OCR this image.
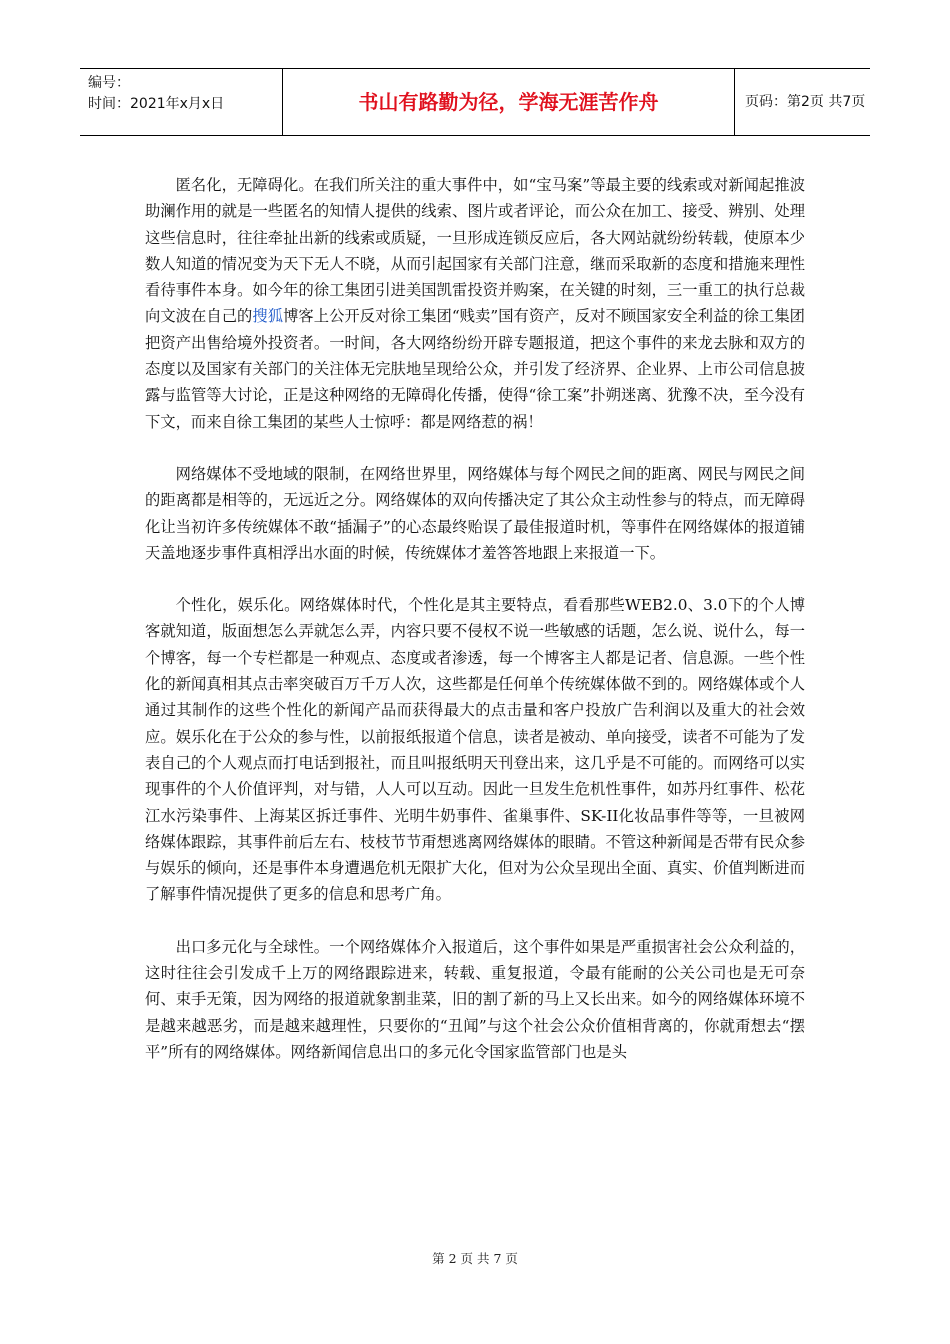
编号：
时间：2021年x月x日	书山有路勤为径，学海无涯苦作舟	页码：第2页 共7页

匿名化，无障碍化。在我们所关注的重大事件中，如“宝马案”等最主要的线索或对新闻起推波助澜作用的就是一些匿名的知情人提供的线索、图片或者评论，而公众在加工、接受、辨别、处理这些信息时，往往牵扯出新的线索或质疑，一旦形成连锁反应后，各大网站就纷纷转载，使原本少数人知道的情况变为天下无人不晓，从而引起国家有关部门注意，继而采取新的态度和措施来理性看待事件本身。如今年的徐工集团引进美国凯雷投资并购案，在关键的时刻，三一重工的执行总裁向文波在自己的搜狐博客上公开反对徐工集团“贱卖”国有资产，反对不顾国家安全利益的徐工集团把资产出售给境外投资者。一时间，各大网络纷纷开辟专题报道，把这个事件的来龙去脉和双方的态度以及国家有关部门的关注体无完肤地呈现给公众，并引发了经济界、企业界、上市公司信息披露与监管等大讨论，正是这种网络的无障碍化传播，使得“徐工案”扑朔迷离、犹豫不决，至今没有下文，而来自徐工集团的某些人士惊呼：都是网络惹的祸！

网络媒体不受地域的限制，在网络世界里，网络媒体与每个网民之间的距离、网民与网民之间的距离都是相等的，无远近之分。网络媒体的双向传播决定了其公众主动性参与的特点，而无障碍化让当初许多传统媒体不敢“插漏子”的心态最终贻误了最佳报道时机，等事件在网络媒体的报道铺天盖地逐步事件真相浮出水面的时候，传统媒体才羞答答地跟上来报道一下。

个性化，娱乐化。网络媒体时代，个性化是其主要特点，看看那些WEB2.0、3.0下的个人博客就知道，版面想怎么弄就怎么弄，内容只要不侵权不说一些敏感的话题，怎么说、说什么，每一个博客，每一个专栏都是一种观点、态度或者渗透，每一个博客主人都是记者、信息源。一些个性化的新闻真相其点击率突破百万千万人次，这些都是任何单个传统媒体做不到的。网络媒体或个人通过其制作的这些个性化的新闻产品而获得最大的点击量和客户投放广告利润以及重大的社会效应。娱乐化在于公众的参与性，以前报纸报道个信息，读者是被动、单向接受，读者不可能为了发表自己的个人观点而打电话到报社，而且叫报纸明天刊登出来，这几乎是不可能的。而网络可以实现事件的个人价值评判，对与错，人人可以互动。因此一旦发生危机性事件，如苏丹红事件、松花江水污染事件、上海某区拆迁事件、光明牛奶事件、雀巢事件、SK-II化妆品事件等等，一旦被网络媒体跟踪，其事件前后左右、枝枝节节甭想逃离网络媒体的眼睛。不管这种新闻是否带有民众参与娱乐的倾向，还是事件本身遭遇危机无限扩大化，但对为公众呈现出全面、真实、价值判断进而了解事件情况提供了更多的信息和思考广角。

出口多元化与全球性。一个网络媒体介入报道后，这个事件如果是严重损害社会公众利益的，这时往往会引发成千上万的网络跟踪进来，转载、重复报道，令最有能耐的公关公司也是无可奈何、束手无策，因为网络的报道就象割韭菜，旧的割了新的马上又长出来。如今的网络媒体环境不是越来越恶劣，而是越来越理性，只要你的“丑闻”与这个社会公众价值相背离的，你就甭想去“摆平”所有的网络媒体。网络新闻信息出口的多元化令国家监管部门也是头

第 2 页 共 7 页
